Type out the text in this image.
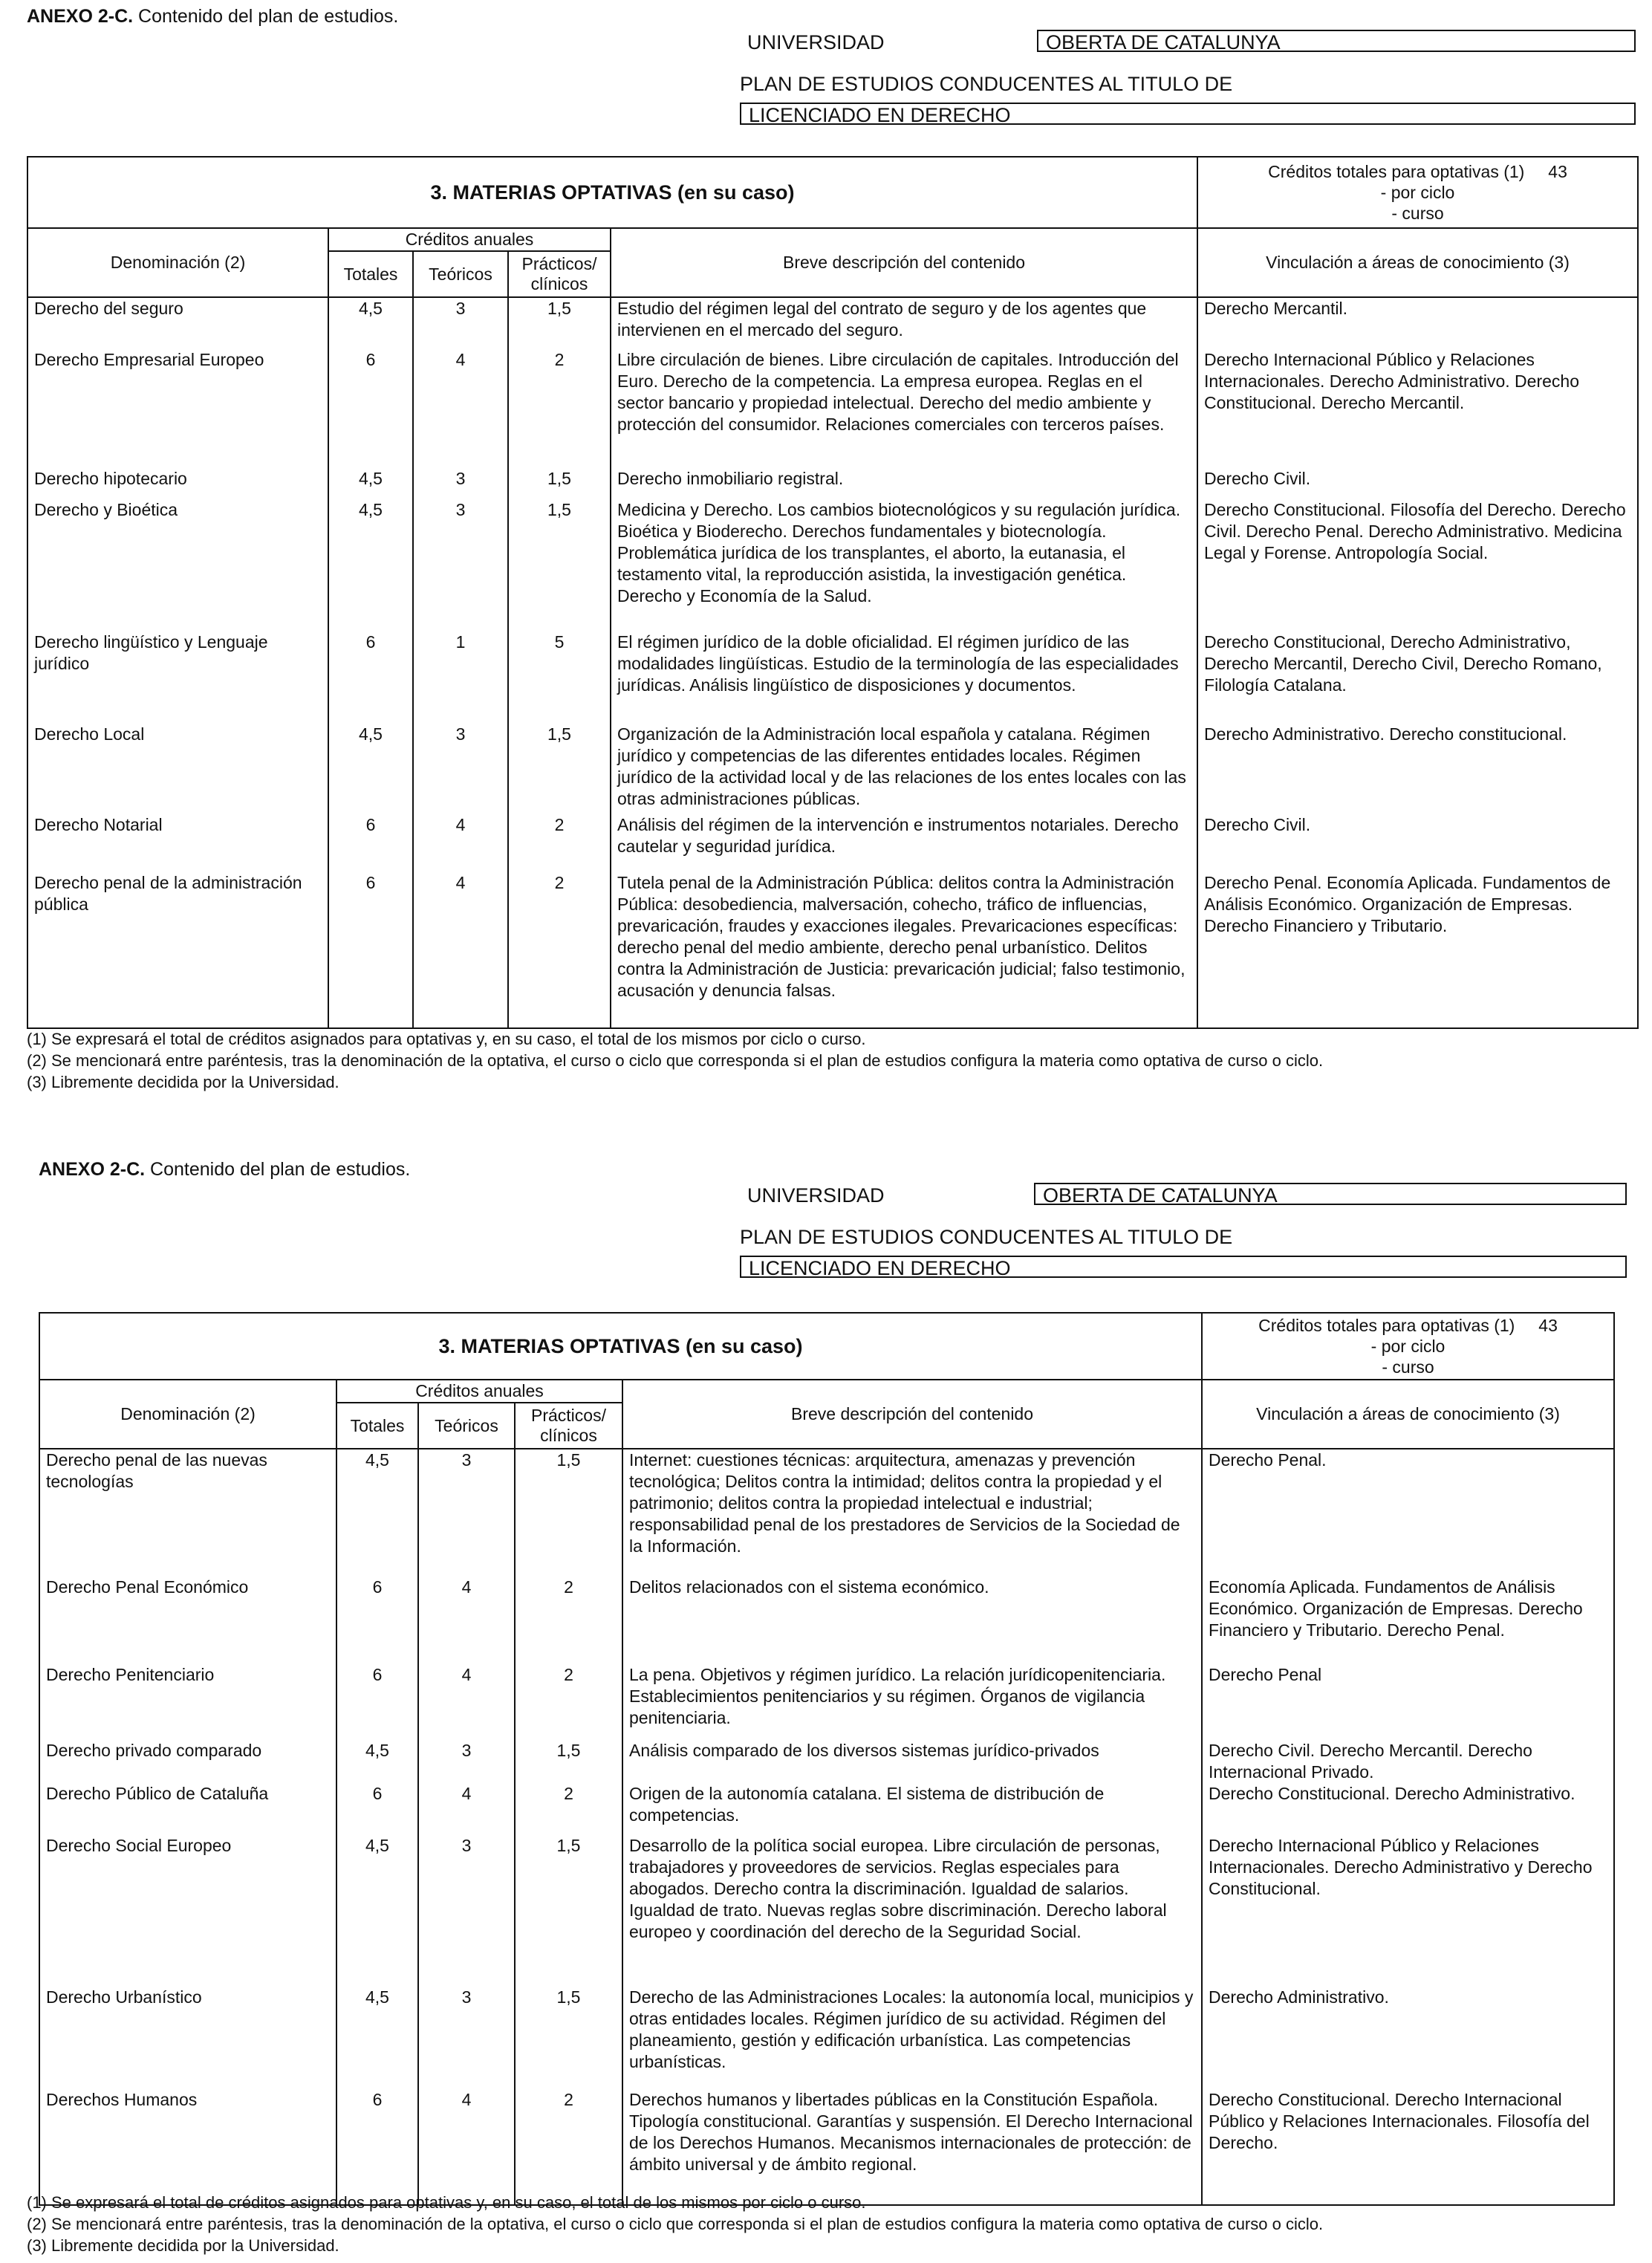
ANEXO 2-C. Contenido del plan de estudios.
UNIVERSIDAD	OBERTA DE CATALUNYA
PLAN DE ESTUDIOS CONDUCENTES AL TITULO DE
LICENCIADO EN DERECHO
3. MATERIAS OPTATIVAS (en su caso)					Créditos totales para optativas (1) 43
- por ciclo
- curso

Denominación (2)	Créditos anuales			Breve descripción del contenido	Vinculación a áreas de conocimiento (3)
	Totales	Teóricos	Prácticos/ clínicos		
Derecho del seguro	4,5	3	1,5	Estudio del régimen legal del contrato de seguro y de los agentes que intervienen en el mercado del seguro.	Derecho Mercantil.
Derecho Empresarial Europeo	6	4	2	Libre circulación de bienes. Libre circulación de capitales. Introducción del Euro. Derecho de la competencia. La empresa europea. Reglas en el sector bancario y propiedad intelectual. Derecho del medio ambiente y protección del consumidor. Relaciones comerciales con terceros países.	Derecho Internacional Público y Relaciones Internacionales. Derecho Administrativo. Derecho Constitucional. Derecho Mercantil.
Derecho hipotecario	4,5	3	1,5	Derecho inmobiliario registral.	Derecho Civil.
Derecho y Bioética	4,5	3	1,5	Medicina y Derecho. Los cambios biotecnológicos y su regulación jurídica. Bioética y Bioderecho. Derechos fundamentales y biotecnología. Problemática jurídica de los transplantes, el aborto, la eutanasia, el testamento vital, la reproducción asistida, la investigación genética. Derecho y Economía de la Salud.	Derecho Constitucional. Filosofía del Derecho. Derecho Civil. Derecho Penal. Derecho Administrativo. Medicina Legal y Forense. Antropología Social.
Derecho lingüístico y Lenguaje jurídico	6	1	5	El régimen jurídico de la doble oficialidad. El régimen jurídico de las modalidades lingüísticas. Estudio de la terminología de las especialidades jurídicas. Análisis lingüístico de disposiciones y documentos.	Derecho Constitucional, Derecho Administrativo, Derecho Mercantil, Derecho Civil, Derecho Romano, Filología Catalana.
Derecho Local	4,5	3	1,5	Organización de la Administración local española y catalana. Régimen jurídico y competencias de las diferentes entidades locales. Régimen jurídico de la actividad local y de las relaciones de los entes locales con las otras administraciones públicas.	Derecho Administrativo. Derecho constitucional.
Derecho Notarial	6	4	2	Análisis del régimen de la intervención e instrumentos notariales. Derecho cautelar y seguridad jurídica.	Derecho Civil.
Derecho penal de la administración pública	6	4	2	Tutela penal de la Administración Pública: delitos contra la Administración Pública: desobediencia, malversación, cohecho, tráfico de influencias, prevaricación, fraudes y exacciones ilegales. Prevaricaciones específicas: derecho penal del medio ambiente, derecho penal urbanístico. Delitos contra la Administración de Justicia: prevaricación judicial; falso testimonio, acusación y denuncia falsas.	Derecho Penal. Economía Aplicada. Fundamentos de Análisis Económico. Organización de Empresas. Derecho Financiero y Tributario.
(1) Se expresará el total de créditos asignados para optativas y, en su caso, el total de los mismos por ciclo o curso.
(2) Se mencionará entre paréntesis, tras la denominación de la optativa, el curso o ciclo que corresponda si el plan de estudios configura la materia como optativa de curso o ciclo.
(3) Libremente decidida por la Universidad.
ANEXO 2-C. Contenido del plan de estudios.
UNIVERSIDAD	OBERTA DE CATALUNYA
PLAN DE ESTUDIOS CONDUCENTES AL TITULO DE
LICENCIADO EN DERECHO
3. MATERIAS OPTATIVAS (en su caso)					Créditos totales para optativas (1) 43
- por ciclo
- curso

Denominación (2)	Créditos anuales			Breve descripción del contenido	Vinculación a áreas de conocimiento (3)
	Totales	Teóricos	Prácticos/ clínicos		
Derecho penal de las nuevas tecnologías	4,5	3	1,5	Internet: cuestiones técnicas: arquitectura, amenazas y prevención tecnológica; Delitos contra la intimidad; delitos contra la propiedad y el patrimonio; delitos contra la propiedad intelectual e industrial; responsabilidad penal de los prestadores de Servicios de la Sociedad de la Información.	Derecho Penal.
Derecho Penal Económico	6	4	2	Delitos relacionados con el sistema económico.	Economía Aplicada. Fundamentos de Análisis Económico. Organización de Empresas. Derecho Financiero y Tributario. Derecho Penal.
Derecho Penitenciario	6	4	2	La pena. Objetivos y régimen jurídico. La relación jurídicopenitenciaria. Establecimientos penitenciarios y su régimen. Órganos de vigilancia penitenciaria.	Derecho Penal
Derecho privado comparado	4,5	3	1,5	Análisis comparado de los diversos sistemas jurídico-privados	Derecho Civil. Derecho Mercantil. Derecho Internacional Privado.
Derecho Público de Cataluña	6	4	2	Origen de la autonomía catalana. El sistema de distribución de competencias.	Derecho Constitucional. Derecho Administrativo.
Derecho Social Europeo	4,5	3	1,5	Desarrollo de la política social europea. Libre circulación de personas, trabajadores y proveedores de servicios. Reglas especiales para abogados. Derecho contra la discriminación. Igualdad de salarios. Igualdad de trato. Nuevas reglas sobre discriminación. Derecho laboral europeo y coordinación del derecho de la Seguridad Social.	Derecho Internacional Público y Relaciones Internacionales. Derecho Administrativo y Derecho Constitucional.
Derecho Urbanístico	4,5	3	1,5	Derecho de las Administraciones Locales: la autonomía local, municipios y otras entidades locales. Régimen jurídico de su actividad. Régimen del planeamiento, gestión y edificación urbanística. Las competencias urbanísticas.	Derecho Administrativo.
Derechos Humanos	6	4	2	Derechos humanos y libertades públicas en la Constitución Española. Tipología constitucional. Garantías y suspensión. El Derecho Internacional de los Derechos Humanos. Mecanismos internacionales de protección: de ámbito universal y de ámbito regional.	Derecho Constitucional. Derecho Internacional Público y Relaciones Internacionales. Filosofía del Derecho.
(1) Se expresará el total de créditos asignados para optativas y, en su caso, el total de los mismos por ciclo o curso.
(2) Se mencionará entre paréntesis, tras la denominación de la optativa, el curso o ciclo que corresponda si el plan de estudios configura la materia como optativa de curso o ciclo.
(3) Libremente decidida por la Universidad.
